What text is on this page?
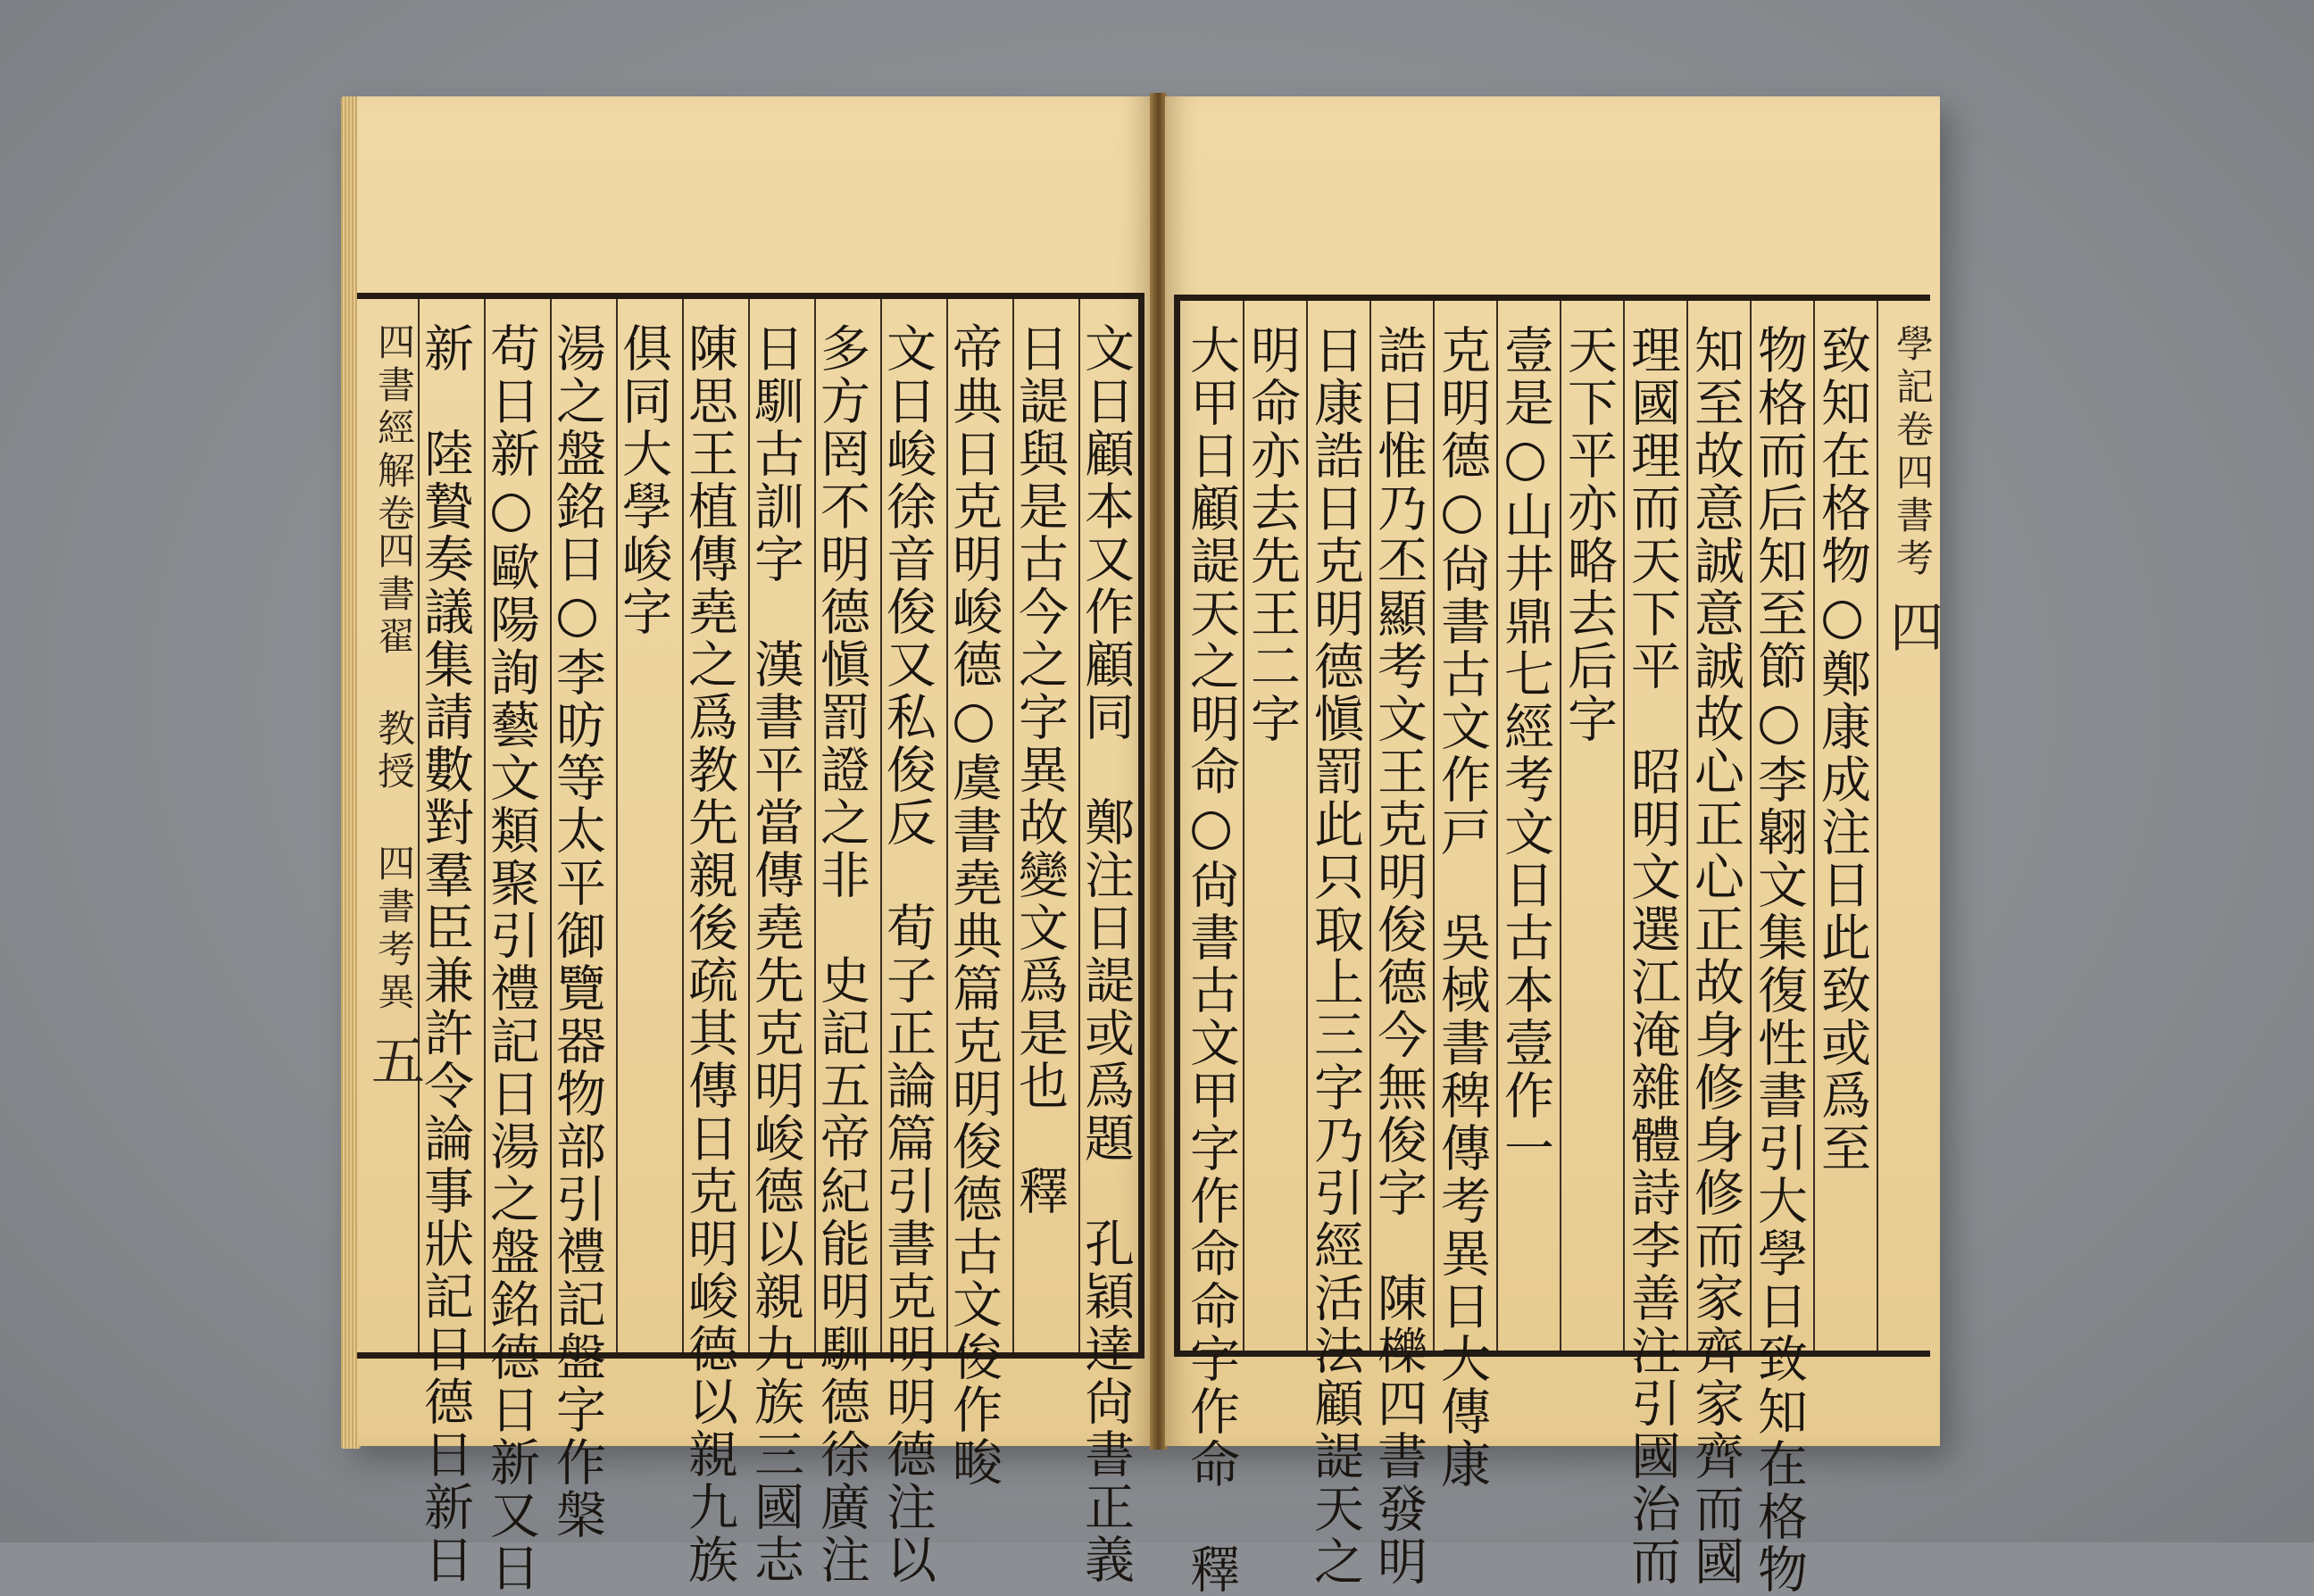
文日顧本又作顧同　鄭注日諟或爲題　孔穎達尙書正義
日諟與是古今之字異故變文爲是也　釋
帝典日克明峻德○虞書堯典篇克明俊德古文俊作畯
文日峻徐音俊又私俊反　荀子正論篇引書克明明德注以
多方罔不明德愼罰證之非　史記五帝紀能明馴德徐廣注
日馴古訓字　漢書平當傳堯先克明峻德以親九族三國志
陳思王植傳堯之爲教先親後疏其傳日克明峻德以親九族
俱同大學峻字
湯之盤銘日○李昉等太平御覽器物部引禮記盤字作槃
苟日新○歐陽詢藝文類聚引禮記日湯之盤銘德日新又日
新　陸贄奏議集請數對羣臣兼許令論事狀記日德日新日
四書經解卷四書翟 教授 四書考異五	致知在格物○鄭康成注日此致或爲至
物格而后知至節○李翺文集復性書引大學日致知在格物
知至故意誠意誠故心正心正故身修身修而家齊家齊而國
理國理而天下平　昭明文選江淹雜體詩李善注引國治而
天下平亦略去后字
壹是○山井鼎七經考文日古本壹作一
克明德○尙書古文作戸　吳棫書稗傳考異日大傳康
誥日惟乃丕顯考文王克明俊德今無俊字　陳櫟四書發明
日康誥日克明德愼罰此只取上三字乃引經活法顧諟天之
明命亦去先王二字
大甲日顧諟天之明命○尙書古文甲字作命命字作命　釋	學記卷四書考四
